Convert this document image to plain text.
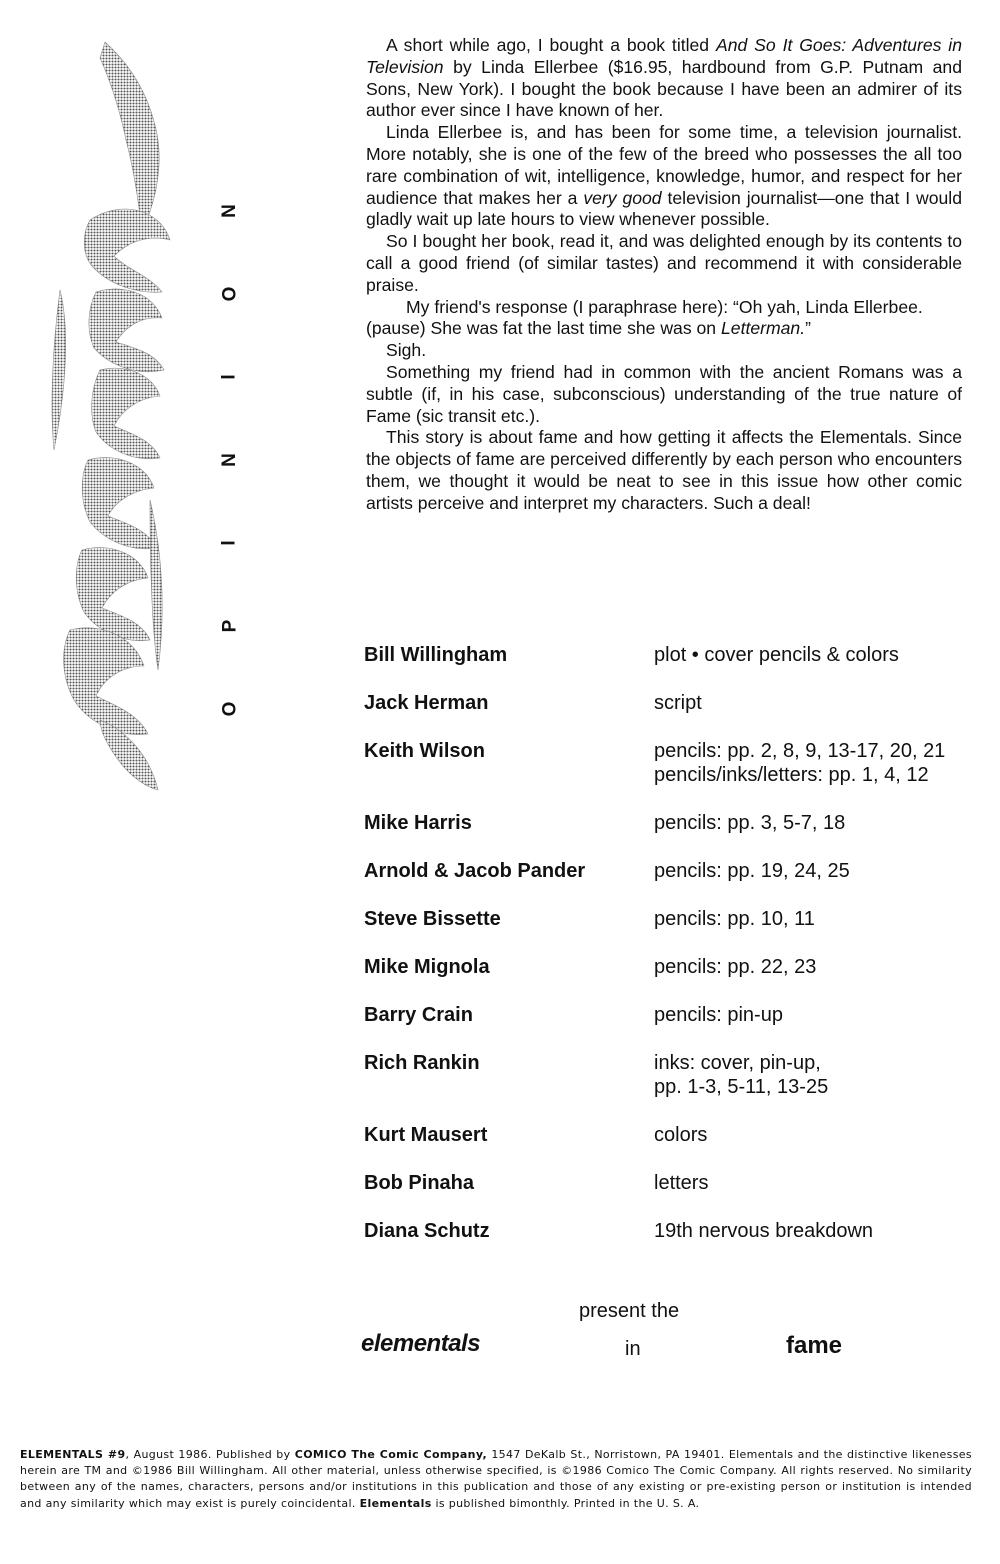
N
O
I
N
I
P
O

A short while ago, I bought a book titled And So It Goes: Adventures in Television by Linda Ellerbee ($16.95, hardbound from G.P. Putnam and Sons, New York). I bought the book because I have been an admirer of its author ever since I have known of her.

Linda Ellerbee is, and has been for some time, a television journalist. More notably, she is one of the few of the breed who possesses the all too rare combination of wit, intelligence, knowledge, humor, and respect for her audience that makes her a very good television journalist—one that I would gladly wait up late hours to view whenever possible.

So I bought her book, read it, and was delighted enough by its contents to call a good friend (of similar tastes) and recommend it with considerable praise.

My friend's response (I paraphrase here): “Oh yah, Linda Ellerbee. (pause) She was fat the last time she was on Letterman.”

Sigh.

Something my friend had in common with the ancient Romans was a subtle (if, in his case, subconscious) understanding of the true nature of Fame (sic transit etc.).

This story is about fame and how getting it affects the Elementals. Since the objects of fame are perceived differently by each person who encounters them, we thought it would be neat to see in this issue how other comic artists perceive and interpret my characters. Such a deal!

Bill Willingham	plot • cover pencils & colors
Jack Herman	script
Keith Wilson	pencils: pp. 2, 8, 9, 13-17, 20, 21
pencils/inks/letters: pp. 1, 4, 12
Mike Harris	pencils: pp. 3, 5-7, 18
Arnold & Jacob Pander	pencils: pp. 19, 24, 25
Steve Bissette	pencils: pp. 10, 11
Mike Mignola	pencils: pp. 22, 23
Barry Crain	pencils: pin-up
Rich Rankin	inks: cover, pin-up,
pp. 1-3, 5-11, 13-25
Kurt Mausert	colors
Bob Pinaha	letters
Diana Schutz	19th nervous breakdown
present the
elementals	in	fame
ELEMENTALS #9, August 1986. Published by COMICO The Comic Company, 1547 DeKalb St., Norristown, PA 19401. Elementals and the distinctive likenesses herein are TM and ©1986 Bill Willingham. All other material, unless otherwise specified, is ©1986 Comico The Comic Company. All rights reserved. No similarity between any of the names, characters, persons and/or institutions in this publication and those of any existing or pre-existing person or institution is intended and any similarity which may exist is purely coincidental. Elementals is published bimonthly. Printed in the U. S. A.
